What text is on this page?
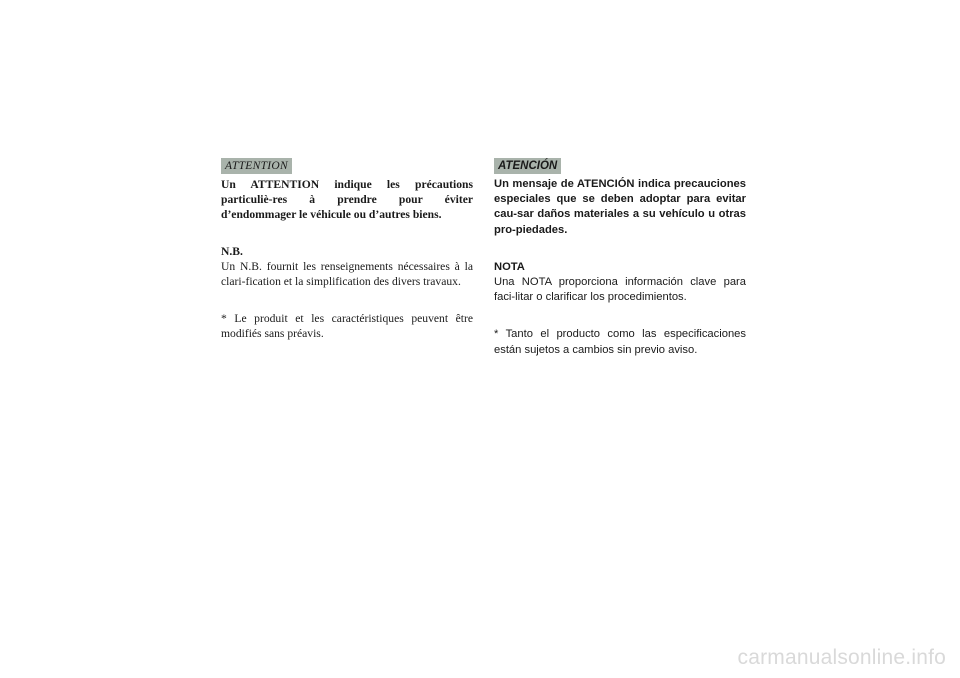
ATTENTION

Un ATTENTION indique les précautions particuliè-res à prendre pour éviter d’endommager le véhicule ou d’autres biens.

N.B.

Un N.B. fournit les renseignements nécessaires à la clari-fication et la simplification des divers travaux.

* Le produit et les caractéristiques peuvent être modifiés sans préavis.

ATENCIÓN

Un mensaje de ATENCIÓN indica precauciones especiales que se deben adoptar para evitar cau-sar daños materiales a su vehículo u otras pro-piedades.

NOTA

Una NOTA proporciona información clave para faci-litar o clarificar los procedimientos.

* Tanto el producto como las especificaciones están sujetos a cambios sin previo aviso.

carmanualsonline.info
